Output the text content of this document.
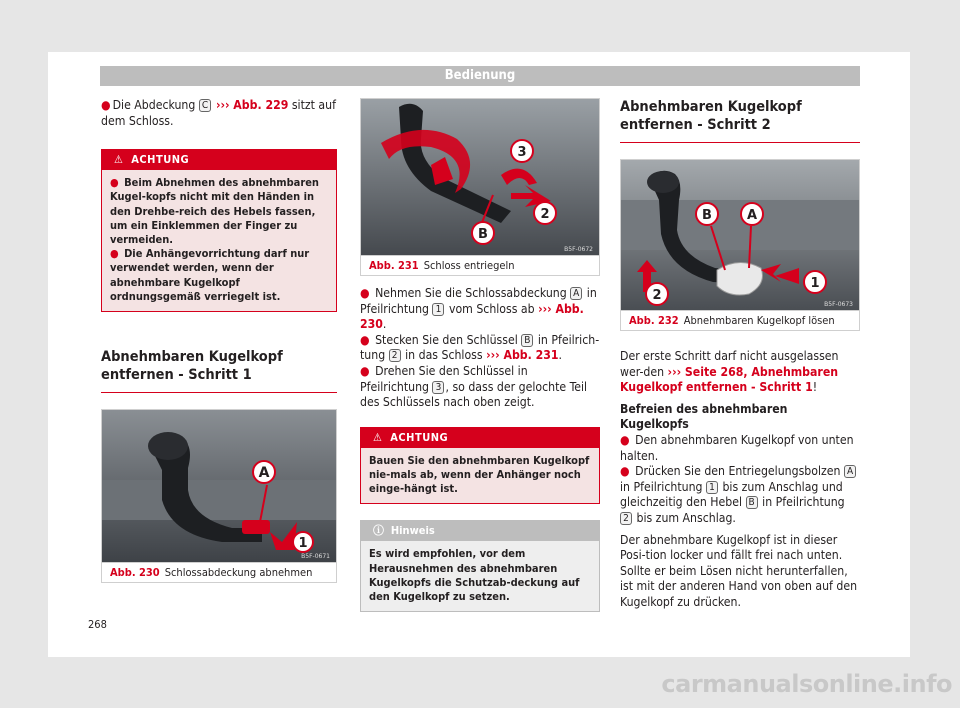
Bedienung
● Die Abdeckung C ››› Abb. 229 sitzt auf dem Schloss.
⚠ ACHTUNG
● Beim Abnehmen des abnehmbaren Kugel-kopfs nicht mit den Händen in den Drehbe-reich des Hebels fassen, um ein Einklemmen der Finger zu vermeiden.
● Die Anhängevorrichtung darf nur verwendet werden, wenn der abnehmbare Kugelkopf ordnungsgemäß verriegelt ist.
Abnehmbaren Kugelkopf entfernen - Schritt 1
A
1
B5F-0671
Abb. 230 Schlossabdeckung abnehmen
3
2
B
B5F-0672
Abb. 231 Schloss entriegeln
● Nehmen Sie die Schlossabdeckung A in Pfeilrichtung 1 vom Schloss ab ››› Abb. 230.
● Stecken Sie den Schlüssel B in Pfeilrich-tung 2 in das Schloss ››› Abb. 231.
● Drehen Sie den Schlüssel in Pfeilrichtung 3 , so dass der gelochte Teil des Schlüssels nach oben zeigt.
⚠ ACHTUNG
Bauen Sie den abnehmbaren Kugelkopf nie-mals ab, wenn der Anhänger noch einge-hängt ist.
ⓘ Hinweis
Es wird empfohlen, vor dem Herausnehmen des abnehmbaren Kugelkopfs die Schutzab-deckung auf den Kugelkopf zu setzen.
Abnehmbaren Kugelkopf entfernen - Schritt 2
B	A
2
1
B5F-0673
Abb. 232 Abnehmbaren Kugelkopf lösen
Der erste Schritt darf nicht ausgelassen wer-den ››› Seite 268, Abnehmbaren Kugelkopf entfernen - Schritt 1!
Befreien des abnehmbaren Kugelkopfs
● Den abnehmbaren Kugelkopf von unten halten.
● Drücken Sie den Entriegelungsbolzen A in Pfeilrichtung 1 bis zum Anschlag und gleichzeitig den Hebel B in Pfeilrichtung 2 bis zum Anschlag.
Der abnehmbare Kugelkopf ist in dieser Posi-tion locker und fällt frei nach unten. Sollte er beim Lösen nicht herunterfallen, ist mit der anderen Hand von oben auf den Kugelkopf zu drücken.
268
carmanualsonline.info
